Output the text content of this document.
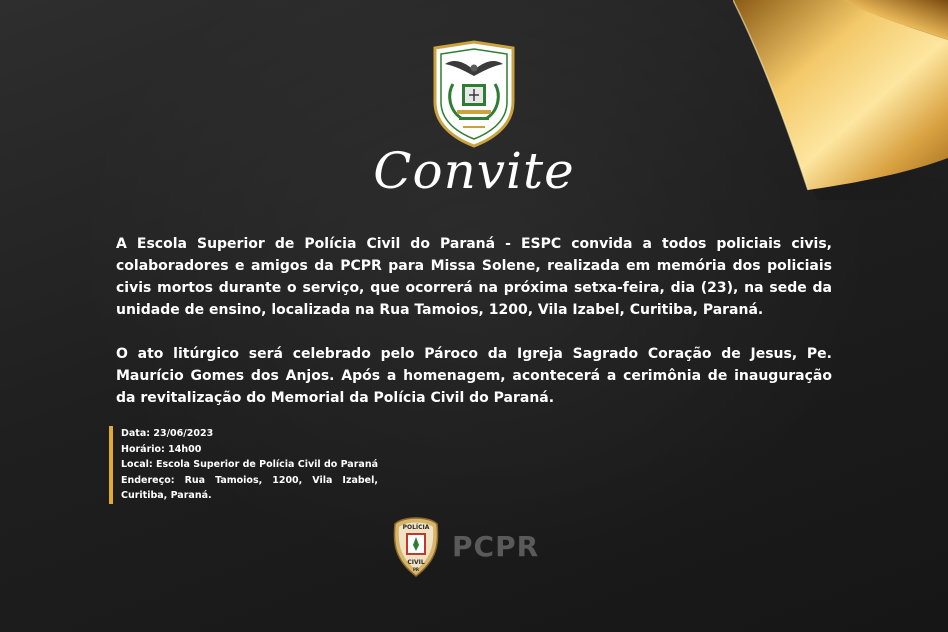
Convite

A Escola Superior de Polícia Civil do Paraná - ESPC convida a todos policiais civis, colaboradores e amigos da PCPR para Missa Solene, realizada em memória dos policiais civis mortos durante o serviço, que ocorrerá na próxima setxa-feira, dia (23), na sede da unidade de ensino, localizada na Rua Tamoios, 1200, Vila Izabel, Curitiba, Paraná.

O ato litúrgico será celebrado pelo Pároco da Igreja Sagrado Coração de Jesus, Pe. Maurício Gomes dos Anjos. Após a homenagem, acontecerá a cerimônia de inauguração da revitalização do Memorial da Polícia Civil do Paraná.

Data: 23/06/2023
Horário: 14h00
Local: Escola Superior de Polícia Civil do Paraná
Endereço: Rua Tamoios, 1200, Vila Izabel, Curitiba, Paraná.
POLÍCIA
CIVIL
PR
PCPR
